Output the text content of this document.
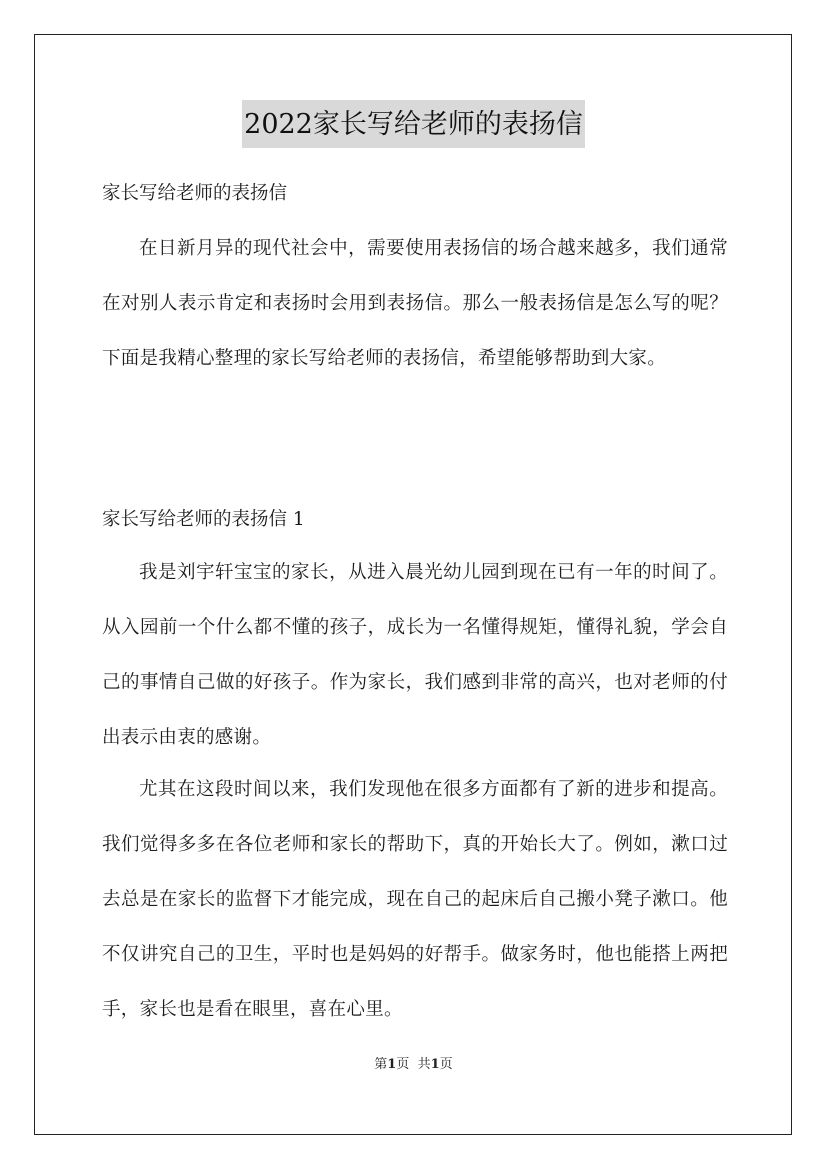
2022家长写给老师的表扬信
家长写给老师的表扬信
在日新月异的现代社会中，需要使用表扬信的场合越来越多，我们通常在对别人表示肯定和表扬时会用到表扬信。那么一般表扬信是怎么写的呢？下面是我精心整理的家长写给老师的表扬信，希望能够帮助到大家。
家长写给老师的表扬信 1
我是刘宇轩宝宝的家长，从进入晨光幼儿园到现在已有一年的时间了。从入园前一个什么都不懂的孩子，成长为一名懂得规矩，懂得礼貌，学会自己的事情自己做的好孩子。作为家长，我们感到非常的高兴，也对老师的付出表示由衷的感谢。
尤其在这段时间以来，我们发现他在很多方面都有了新的进步和提高。我们觉得多多在各位老师和家长的帮助下，真的开始长大了。例如，漱口过去总是在家长的监督下才能完成，现在自己的起床后自己搬小凳子漱口。他不仅讲究自己的卫生，平时也是妈妈的好帮手。做家务时，他也能搭上两把手，家长也是看在眼里，喜在心里。
第1页 共1页
